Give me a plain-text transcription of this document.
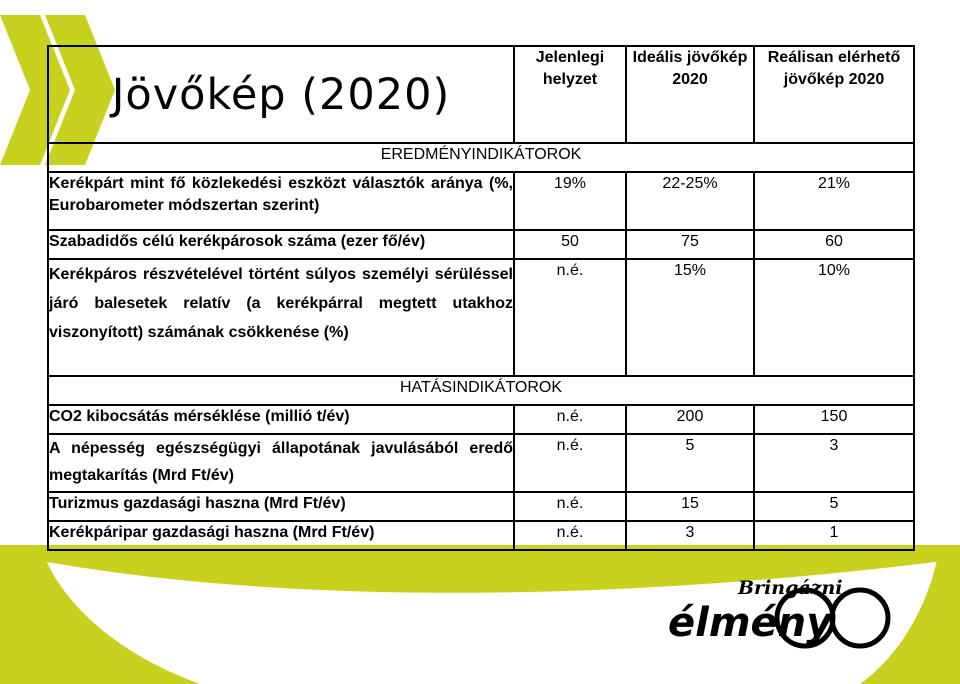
Jövőkép (2020)	Jelenlegi helyzet	Ideális jövőkép 2020	Reálisan elérhető jövőkép 2020
EREDMÉNYINDIKÁTOROK			
Kerékpárt mint fő közlekedési eszközt választók aránya (%, Eurobarometer módszertan szerint)	19%	22-25%	21%
Szabadidős célú kerékpárosok száma (ezer fő/év)	50	75	60
Kerékpáros részvételével történt súlyos személyi sérüléssel járó balesetek relatív (a kerékpárral megtett utakhoz viszonyított) számának csökkenése (%)	n.é.	15%	10%
HATÁSINDIKÁTOROK			
CO2 kibocsátás mérséklése (millió t/év)	n.é.	200	150
A népesség egészségügyi állapotának javulásából eredő megtakarítás (Mrd Ft/év)	n.é.	5	3
Turizmus gazdasági haszna (Mrd Ft/év)	n.é.	15	5
Kerékpáripar gazdasági haszna (Mrd Ft/év)	n.é.	3	1
Bringázni
élmény
